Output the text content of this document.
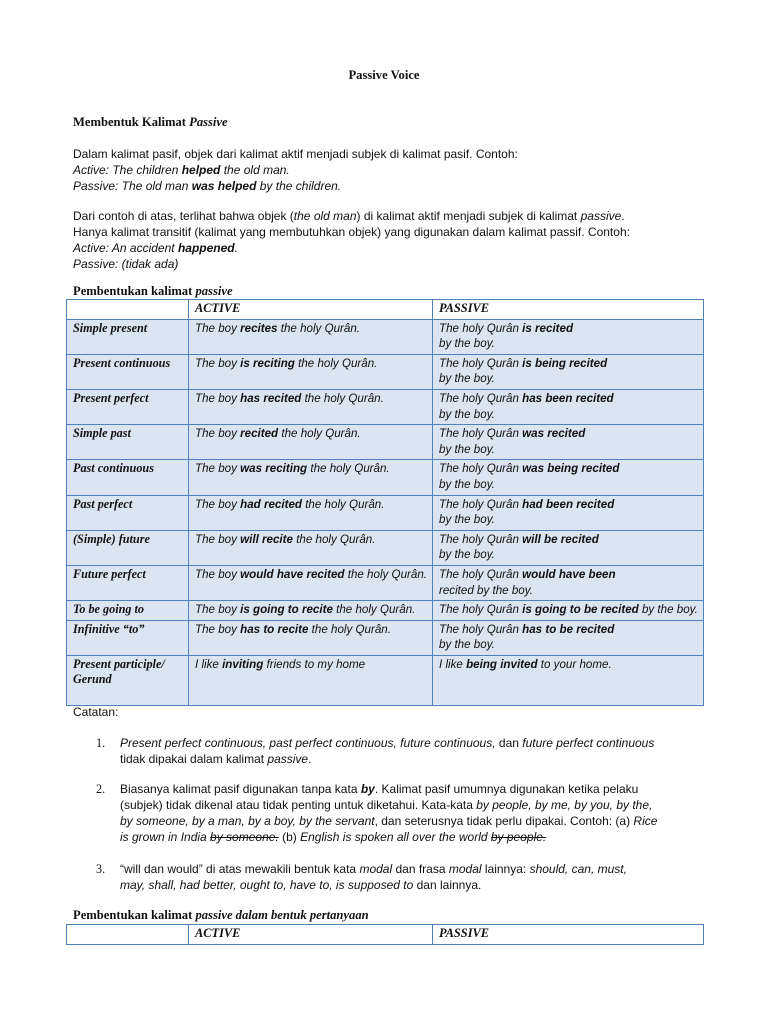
Passive Voice
Membentuk Kalimat Passive
Dalam kalimat pasif, objek dari kalimat aktif menjadi subjek di kalimat pasif. Contoh:
Active: The children helped the old man.
Passive: The old man was helped by the children.
Dari contoh di atas, terlihat bahwa objek (the old man) di kalimat aktif menjadi subjek di kalimat passive.
Hanya kalimat transitif (kalimat yang membutuhkan objek) yang digunakan dalam kalimat passif. Contoh:
Active: An accident happened.
Passive: (tidak ada)
Pembentukan kalimat passive
	ACTIVE	PASSIVE
Simple present	The boy recites the holy Qurân.	The holy Qurân is recited
by the boy.
Present continuous	The boy is reciting the holy Qurân.	The holy Qurân is being recited
by the boy.
Present perfect	The boy has recited the holy Qurân.	The holy Qurân has been recited
by the boy.
Simple past	The boy recited the holy Qurân.	The holy Qurân was recited
by the boy.
Past continuous	The boy was reciting the holy Qurân.	The holy Qurân was being recited
by the boy.
Past perfect	The boy had recited the holy Qurân.	The holy Qurân had been recited
by the boy.
(Simple) future	The boy will recite the holy Qurân.	The holy Qurân will be recited
by the boy.
Future perfect	The boy would have recited the holy Qurân.	The holy Qurân would have been
recited by the boy.
To be going to	The boy is going to recite the holy Qurân.	The holy Qurân is going to be recited by the boy.
Infinitive “to”	The boy has to recite the holy Qurân.	The holy Qurân has to be recited
by the boy.
Present participle/ Gerund	I like inviting friends to my home	I like being invited to your home.
Catatan:
1. Present perfect continuous, past perfect continuous, future continuous, dan future perfect continuous
tidak dipakai dalam kalimat passive.
2. Biasanya kalimat pasif digunakan tanpa kata by. Kalimat pasif umumnya digunakan ketika pelaku
(subjek) tidak dikenal atau tidak penting untuk diketahui. Kata-kata by people, by me, by you, by the,
by someone, by a man, by a boy, by the servant, dan seterusnya tidak perlu dipakai. Contoh: (a) Rice
is grown in India by someone. (b) English is spoken all over the world by people.
3. “will dan would” di atas mewakili bentuk kata modal dan frasa modal lainnya: should, can, must,
may, shall, had better, ought to, have to, is supposed to dan lainnya.
Pembentukan kalimat passive dalam bentuk pertanyaan
	ACTIVE	PASSIVE
